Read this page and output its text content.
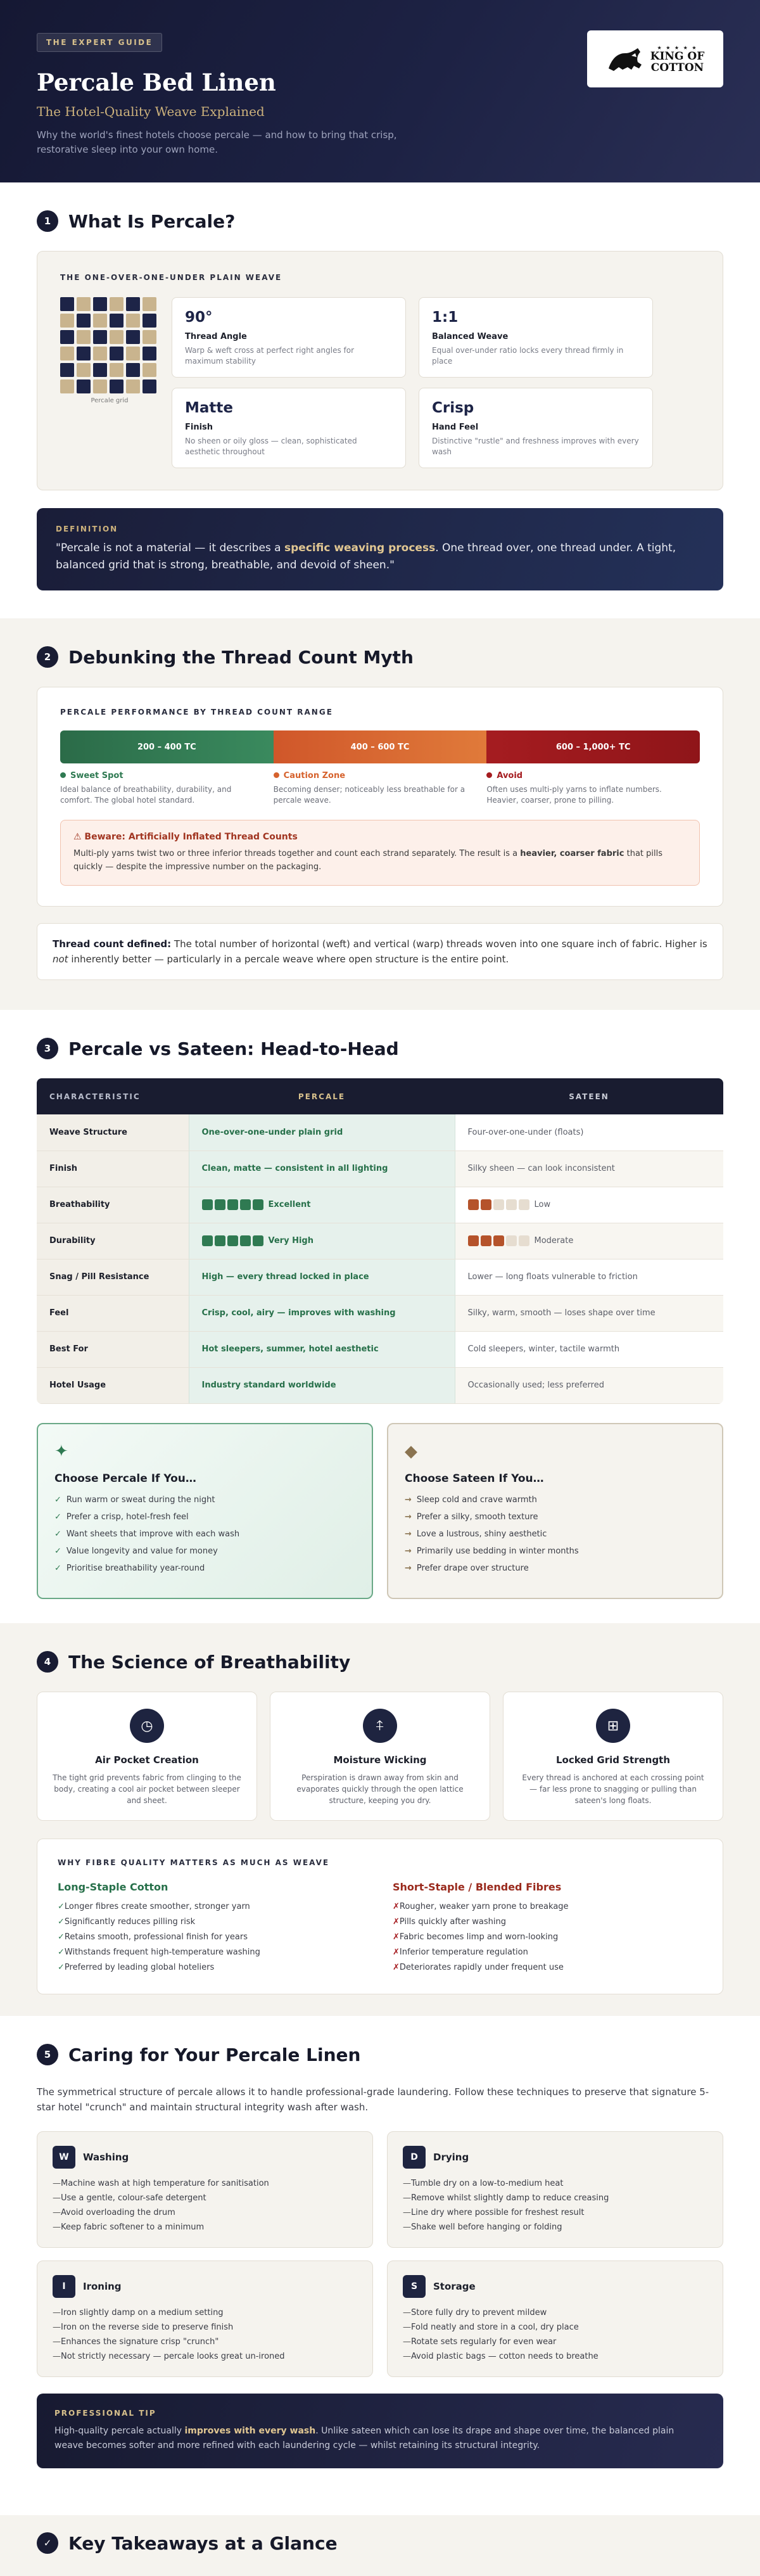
THE EXPERT GUIDE
Percale Bed Linen
The Hotel-Quality Weave Explained
Why the world's finest hotels choose percale — and how to bring that crisp, restorative sleep into your own home.
★ ★ ★ ★ ★
KING OF
COTTON
1 What Is Percale?
THE ONE-OVER-ONE-UNDER PLAIN WEAVE
Percale grid
90°
Thread Angle
Warp & weft cross at perfect right angles for maximum stability
1:1
Balanced Weave
Equal over-under ratio locks every thread firmly in place
Matte
Finish
No sheen or oily gloss — clean, sophisticated aesthetic throughout
Crisp
Hand Feel
Distinctive "rustle" and freshness improves with every wash
DEFINITION
"Percale is not a material — it describes a specific weaving process. One thread over, one thread under. A tight, balanced grid that is strong, breathable, and devoid of sheen."
2 Debunking the Thread Count Myth
PERCALE PERFORMANCE BY THREAD COUNT RANGE
200 – 400 TC	400 – 600 TC	600 – 1,000+ TC
Sweet Spot
Ideal balance of breathability, durability, and comfort. The global hotel standard.
Caution Zone
Becoming denser; noticeably less breathable for a percale weave.
Avoid
Often uses multi-ply yarns to inflate numbers. Heavier, coarser, prone to pilling.
⚠ Beware: Artificially Inflated Thread Counts
Multi-ply yarns twist two or three inferior threads together and count each strand separately. The result is a heavier, coarser fabric that pills quickly — despite the impressive number on the packaging.
Thread count defined: The total number of horizontal (weft) and vertical (warp) threads woven into one square inch of fabric. Higher is not inherently better — particularly in a percale weave where open structure is the entire point.
3 Percale vs Sateen: Head-to-Head
CHARACTERISTIC	PERCALE	SATEEN
Weave Structure	One-over-one-under plain grid	Four-over-one-under (floats)
Finish	Clean, matte — consistent in all lighting	Silky sheen — can look inconsistent
Breathability	Excellent	Low
Durability	Very High	Moderate
Snag / Pill Resistance	High — every thread locked in place	Lower — long floats vulnerable to friction
Feel	Crisp, cool, airy — improves with washing	Silky, warm, smooth — loses shape over time
Best For	Hot sleepers, summer, hotel aesthetic	Cold sleepers, winter, tactile warmth
Hotel Usage	Industry standard worldwide	Occasionally used; less preferred
✦
Choose Percale If You…
✓ Run warm or sweat during the night
✓ Prefer a crisp, hotel-fresh feel
✓ Want sheets that improve with each wash
✓ Value longevity and value for money
✓ Prioritise breathability year-round
◆
Choose Sateen If You…
→ Sleep cold and crave warmth
→ Prefer a silky, smooth texture
→ Love a lustrous, shiny aesthetic
→ Primarily use bedding in winter months
→ Prefer drape over structure
4 The Science of Breathability
◷
Air Pocket Creation

The tight grid prevents fabric from clinging to the body, creating a cool air pocket between sleeper and sheet.

⍏
Moisture Wicking

Perspiration is drawn away from skin and evaporates quickly through the open lattice structure, keeping you dry.

⊞
Locked Grid Strength

Every thread is anchored at each crossing point — far less prone to snagging or pulling than sateen's long floats.

WHY FIBRE QUALITY MATTERS AS MUCH AS WEAVE
Long-Staple Cotton
✓Longer fibres create smoother, stronger yarn
✓Significantly reduces pilling risk
✓Retains smooth, professional finish for years
✓Withstands frequent high-temperature washing
✓Preferred by leading global hoteliers
Short-Staple / Blended Fibres
✗Rougher, weaker yarn prone to breakage
✗Pills quickly after washing
✗Fabric becomes limp and worn-looking
✗Inferior temperature regulation
✗Deteriorates rapidly under frequent use
5 Caring for Your Percale Linen
The symmetrical structure of percale allows it to handle professional-grade laundering. Follow these techniques to preserve that signature 5-star hotel "crunch" and maintain structural integrity wash after wash.
W	Washing
—Machine wash at high temperature for sanitisation
—Use a gentle, colour-safe detergent
—Avoid overloading the drum
—Keep fabric softener to a minimum
D	Drying
—Tumble dry on a low-to-medium heat
—Remove whilst slightly damp to reduce creasing
—Line dry where possible for freshest result
—Shake well before hanging or folding
I	Ironing
—Iron slightly damp on a medium setting
—Iron on the reverse side to preserve finish
—Enhances the signature crisp "crunch"
—Not strictly necessary — percale looks great un-ironed
S	Storage
—Store fully dry to prevent mildew
—Fold neatly and store in a cool, dry place
—Rotate sets regularly for even wear
—Avoid plastic bags — cotton needs to breathe
PROFESSIONAL TIP
High-quality percale actually improves with every wash. Unlike sateen which can lose its drape and shape over time, the balanced plain weave becomes softer and more refined with each laundering cycle — whilst retaining its structural integrity.
✓ Key Takeaways at a Glance
